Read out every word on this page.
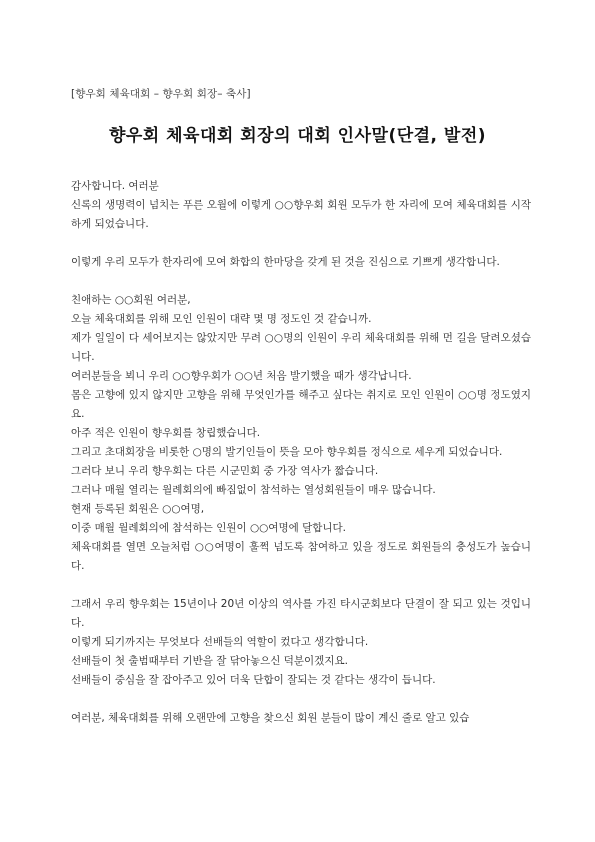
[향우회 체육대회 – 향우회 회장– 축사]
향우회 체육대회 회장의 대회 인사말(단결, 발전)

감사합니다. 여러분

신록의 생명력이 넘치는 푸른 오월에 이렇게 ○○향우회 회원 모두가 한 자리에 모여 체육대회를 시작하게 되었습니다.

이렇게 우리 모두가 한자리에 모여 화합의 한마당을 갖게 된 것을 진심으로 기쁘게 생각합니다.

친애하는 ○○회원 여러분,

오늘 체육대회를 위해 모인 인원이 대략 몇 명 정도인 것 같습니까.

제가 일일이 다 세어보지는 않았지만 무려 ○○명의 인원이 우리 체육대회를 위해 먼 길을 달려오셨습니다.

여러분들을 뵈니 우리 ○○향우회가 ○○년 처음 발기했을 때가 생각납니다.

몸은 고향에 있지 않지만 고향을 위해 무엇인가를 해주고 싶다는 취지로 모인 인원이 ○○명 정도였지요.

아주 적은 인원이 향우회를 창립했습니다.

그리고 초대회장을 비롯한 ○명의 발기인들이 뜻을 모아 향우회를 정식으로 세우게 되었습니다.

그러다 보니 우리 향우회는 다른 시군민회 중 가장 역사가 짧습니다.

그러나 매월 열리는 월례회의에 빠짐없이 참석하는 열성회원들이 매우 많습니다.

현재 등록된 회원은 ○○여명,

이중 매월 월례회의에 참석하는 인원이 ○○여명에 달합니다.

체육대회를 열면 오늘처럼 ○○여명이 훌쩍 넘도록 참여하고 있을 정도로 회원들의 충성도가 높습니다.

그래서 우리 향우회는 15년이나 20년 이상의 역사를 가진 타시군회보다 단결이 잘 되고 있는 것입니다.

이렇게 되기까지는 무엇보다 선배들의 역할이 컸다고 생각합니다.

선배들이 첫 출범때부터 기반을 잘 닦아놓으신 덕분이겠지요.

선배들이 중심을 잘 잡아주고 있어 더욱 단합이 잘되는 것 같다는 생각이 듭니다.

여러분, 체육대회를 위해 오랜만에 고향을 찾으신 회원 분들이 많이 계신 줄로 알고 있습
